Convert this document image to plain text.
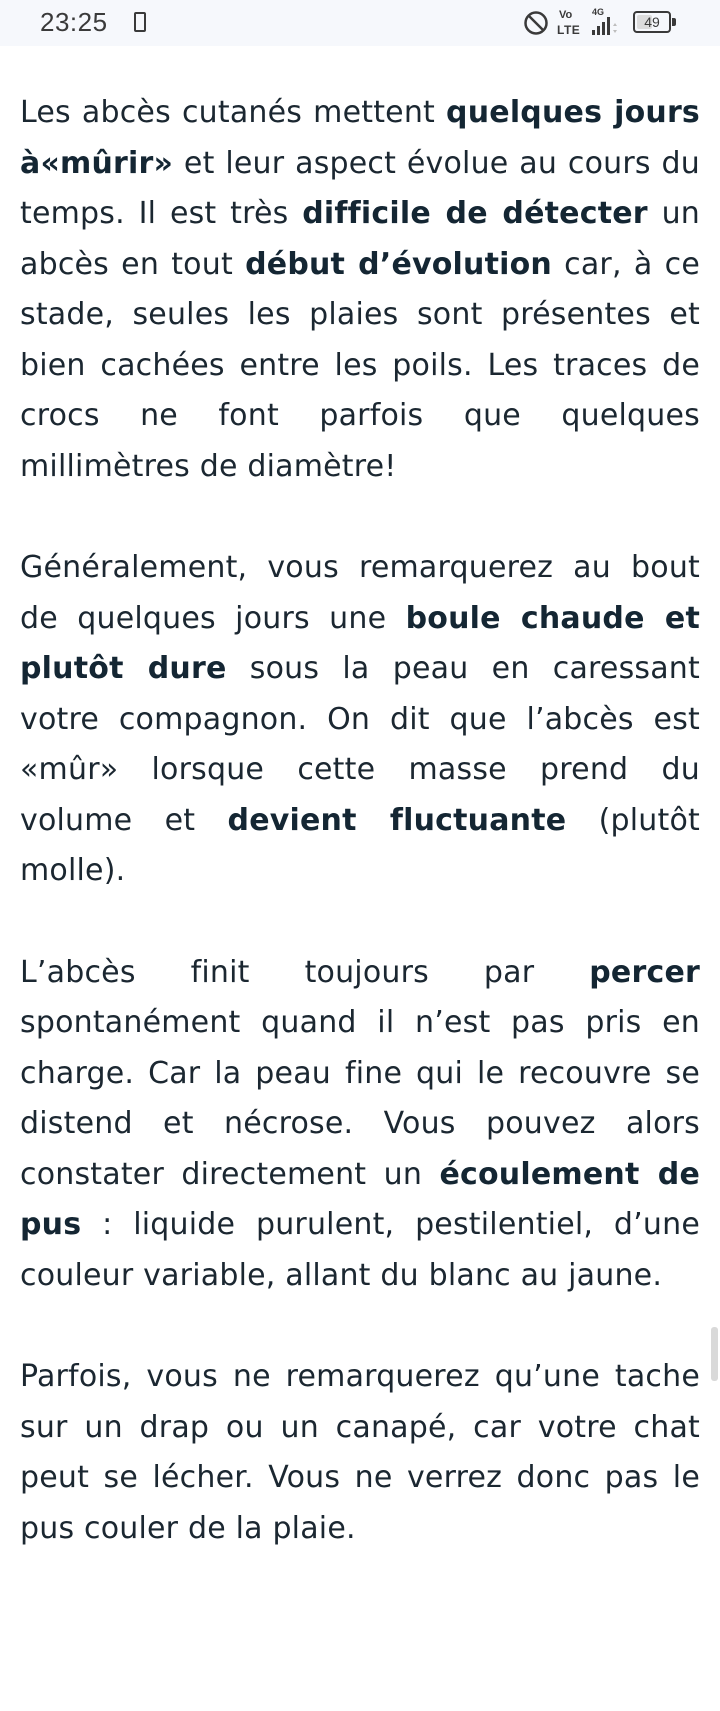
23:25	Vo
LTE
4G
49

Les abcès cutanés mettent quelques jours à«mûrir» et leur aspect évolue au cours du temps. Il est très difficile de détecter un abcès en tout début d’évolution car, à ce stade, seules les plaies sont présentes et bien cachées entre les poils. Les traces de crocs ne font parfois que quelques millimètres de diamètre!

Généralement, vous remarquerez au bout de quelques jours une boule chaude et plutôt dure sous la peau en caressant votre compagnon. On dit que l’abcès est «mûr» lorsque cette masse prend du volume et devient fluctuante (plutôt molle).

L’abcès finit toujours par percer spontanément quand il n’est pas pris en charge. Car la peau fine qui le recouvre se distend et nécrose. Vous pouvez alors constater directement un écoulement de pus : liquide purulent, pestilentiel, d’une couleur variable, allant du blanc au jaune.

Parfois, vous ne remarquerez qu’une tache sur un drap ou un canapé, car votre chat peut se lécher. Vous ne verrez donc pas le pus couler de la plaie.
